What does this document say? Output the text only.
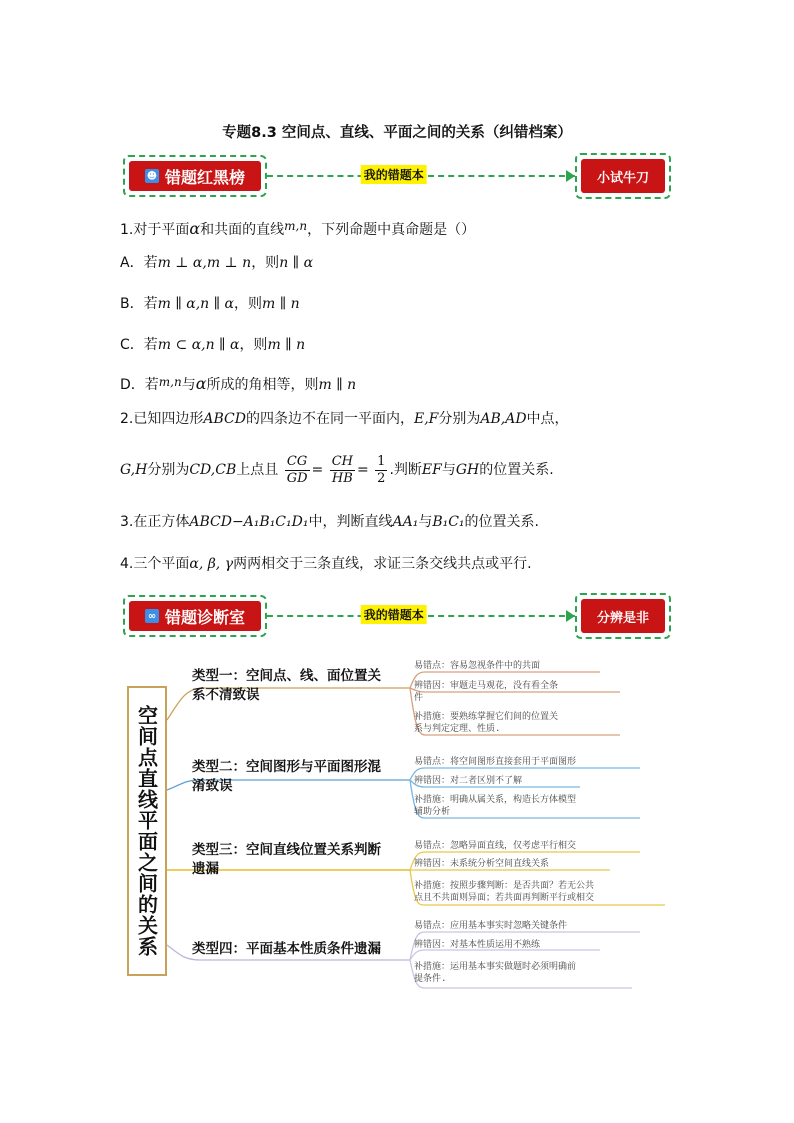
专题8.3 空间点、直线、平面之间的关系（纠错档案）
☻ 错题红黑榜	我的错题本	小试牛刀
1.对于平面α和共面的直线m,n，下列命题中真命题是（）
A．若m ⊥ α,m ⊥ n，则n ∥ α
B．若m ∥ α,n ∥ α，则m ∥ n
C．若m ⊂ α,n ∥ α，则m ∥ n
D．若m,n与α所成的角相等，则m ∥ n
2.已知四边形ABCD的四条边不在同一平面内，E,F分别为AB,AD中点，
G,H分别为CD,CB上点且 $\frac{CG}{GD} = \frac{CH}{HB} = \frac{1}{2}$ .判断EF与GH的位置关系.
3.在正方体ABCD−A₁B₁C₁D₁中，判断直线AA₁与B₁C₁的位置关系.
4.三个平面α, β, γ两两相交于三条直线，求证三条交线共点或平行.
∞ 错题诊断室	我的错题本	分辨是非
空间点直线平面之间的关系
类型一：空间点、线、面位置关
系不清致误
易错点：容易忽视条件中的共面
辨错因：审题走马观花，没有看全条
件
补措施：要熟练掌握它们间的位置关
系与判定定理、性质.
类型二：空间图形与平面图形混
淆致误
易错点：将空间图形直接套用于平面图形
辨错因：对二者区别不了解
补措施：明确从属关系，构造长方体模型
辅助分析
类型三：空间直线位置关系判断
遗漏
易错点：忽略异面直线，仅考虑平行相交
辨错因：未系统分析空间直线关系
补措施：按照步骤判断：是否共面？若无公共
点且不共面则异面；若共面再判断平行或相交
类型四：平面基本性质条件遗漏
易错点：应用基本事实时忽略关键条件
辨错因：对基本性质运用不熟练
补措施：运用基本事实做题时必须明确前
提条件.
